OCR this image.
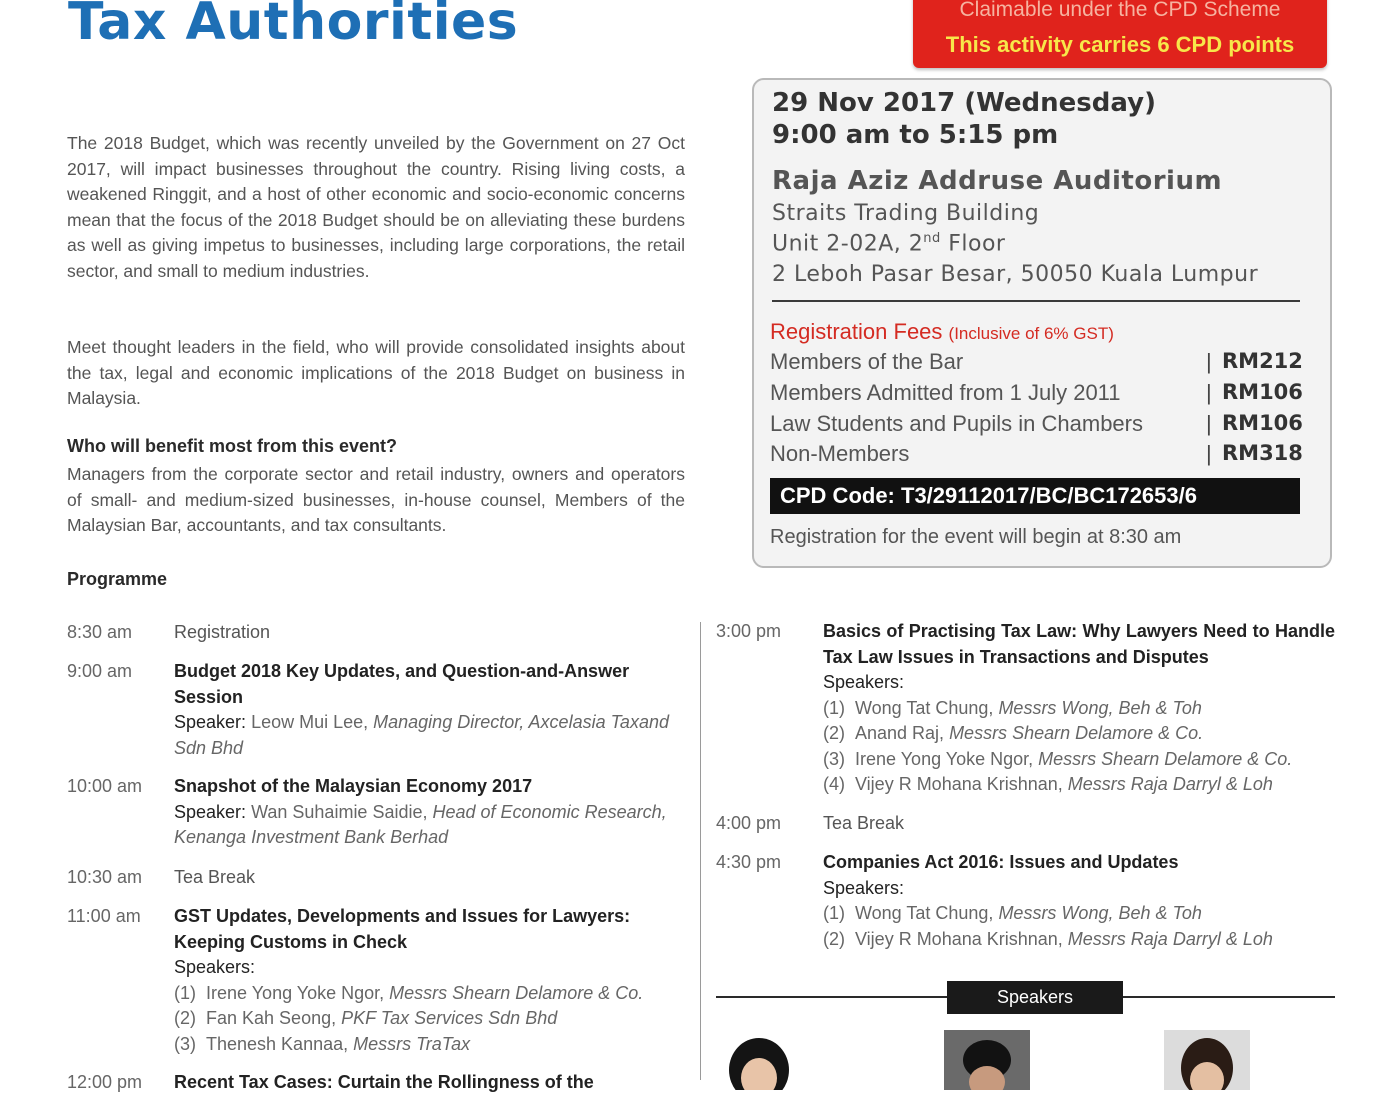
Tax Authorities	Claimable under the CPD Scheme
This activity carries 6 CPD points
The 2018 Budget, which was recently unveiled by the Government on 27 Oct 2017, will impact businesses throughout the country. Rising living costs, a weakened Ringgit, and a host of other economic and socio-economic concerns mean that the focus of the 2018 Budget should be on alleviating these burdens as well as giving impetus to businesses, including large corporations, the retail sector, and small to medium industries.
Meet thought leaders in the field, who will provide consolidated insights about the tax, legal and economic implications of the 2018 Budget on business in Malaysia.
Who will benefit most from this event?
Managers from the corporate sector and retail industry, owners and operators of small- and medium-sized businesses, in-house counsel, Members of the Malaysian Bar, accountants, and tax consultants.
Programme
29 Nov 2017 (Wednesday)
9:00 am to 5:15 pm
Raja Aziz Addruse Auditorium
Straits Trading Building
Unit 2-02A, 2nd Floor
2 Leboh Pasar Besar, 50050 Kuala Lumpur
Registration Fees (Inclusive of 6% GST)
Members of the Bar	| RM212
Members Admitted from 1 July 2011	| RM106
Law Students and Pupils in Chambers	| RM106
Non-Members	| RM318
CPD Code: T3/29112017/BC/BC172653/6
Registration for the event will begin at 8:30 am
8:30 am Registration
9:00 am Budget 2018 Key Updates, and Question-and-Answer Session
Speaker: Leow Mui Lee, Managing Director, Axcelasia Taxand Sdn Bhd
10:00 am Snapshot of the Malaysian Economy 2017
Speaker: Wan Suhaimie Saidie, Head of Economic Research, Kenanga Investment Bank Berhad
10:30 am Tea Break
11:00 am GST Updates, Developments and Issues for Lawyers: Keeping Customs in Check
Speakers:
(1) Irene Yong Yoke Ngor, Messrs Shearn Delamore & Co.
(2) Fan Kah Seong, PKF Tax Services Sdn Bhd
(3) Thenesh Kannaa, Messrs TraTax
12:00 pm Recent Tax Cases: Curtain the Rollingness of the
3:00 pm Basics of Practising Tax Law: Why Lawyers Need to Handle Tax Law Issues in Transactions and Disputes
Speakers:
(1) Wong Tat Chung, Messrs Wong, Beh & Toh
(2) Anand Raj, Messrs Shearn Delamore & Co.
(3) Irene Yong Yoke Ngor, Messrs Shearn Delamore & Co.
(4) Vijey R Mohana Krishnan, Messrs Raja Darryl & Loh
4:00 pm Tea Break
4:30 pm Companies Act 2016: Issues and Updates
Speakers:
(1) Wong Tat Chung, Messrs Wong, Beh & Toh
(2) Vijey R Mohana Krishnan, Messrs Raja Darryl & Loh
Speakers
